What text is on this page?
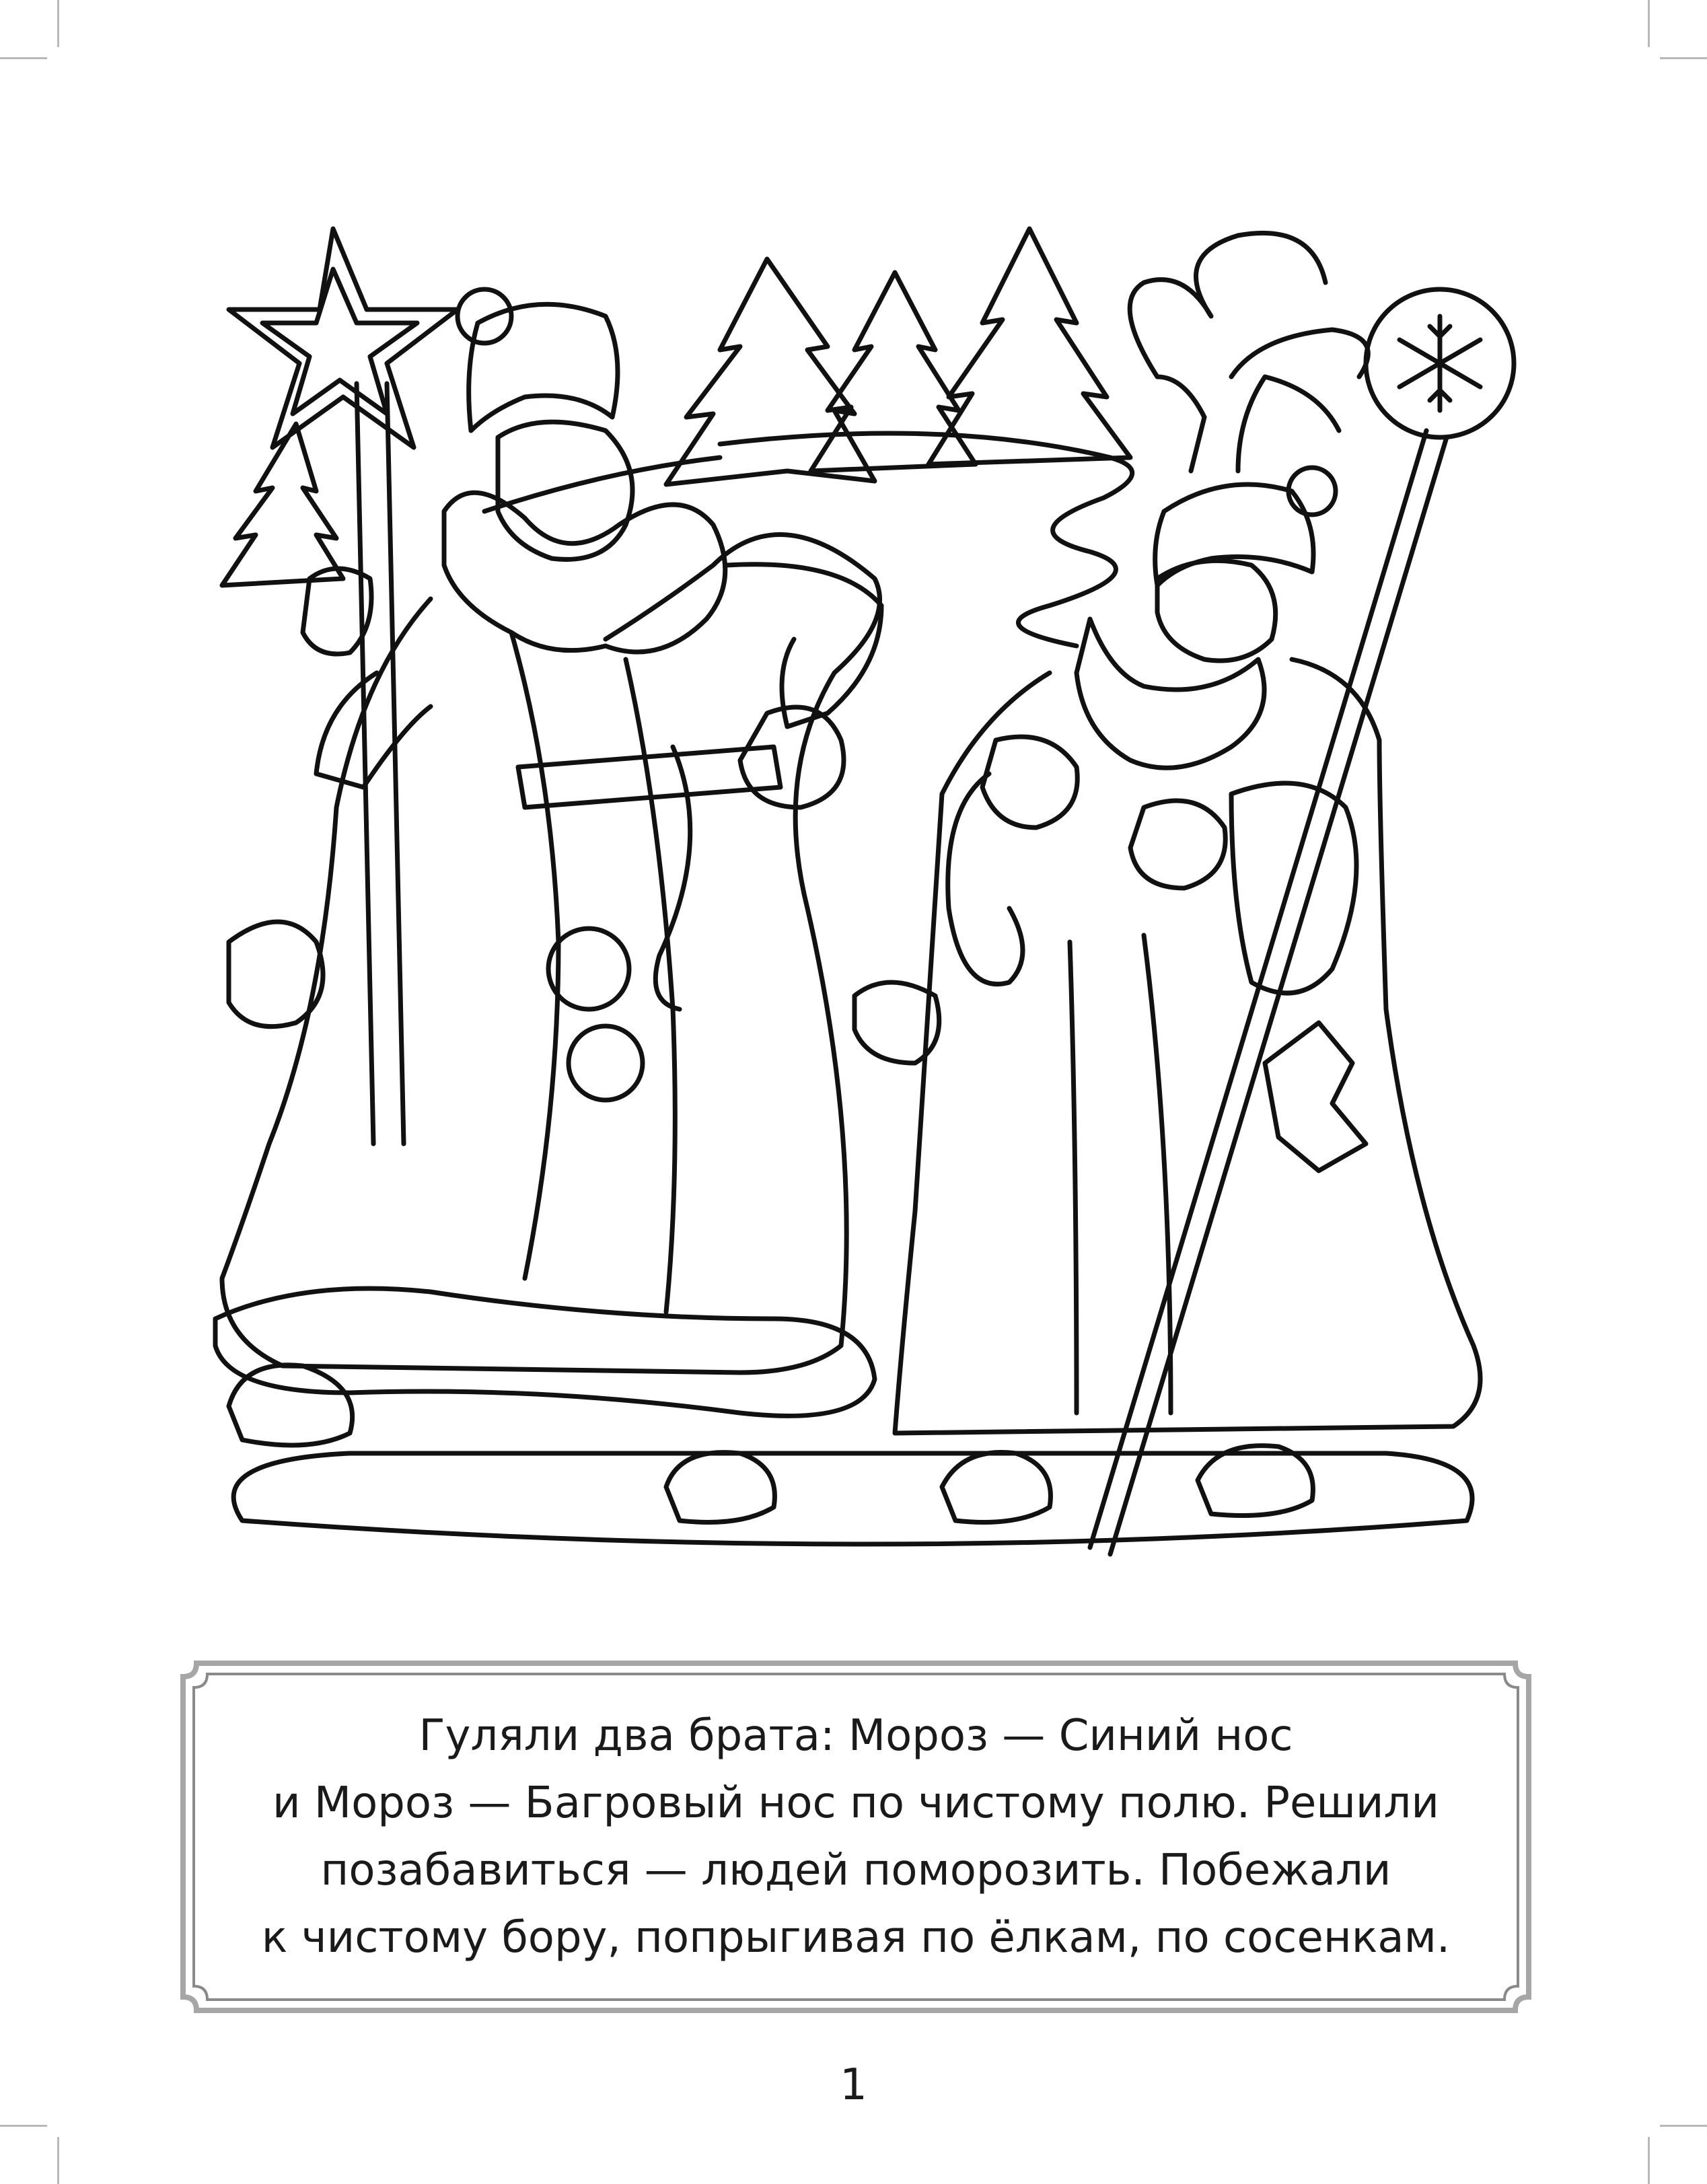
Гуляли два брата: Мороз — Синий нос
и Мороз — Багровый нос по чистому полю. Решили
позабавиться — людей поморозить. Побежали
к чистому бору, попрыгивая по ёлкам, по сосенкам.
1
